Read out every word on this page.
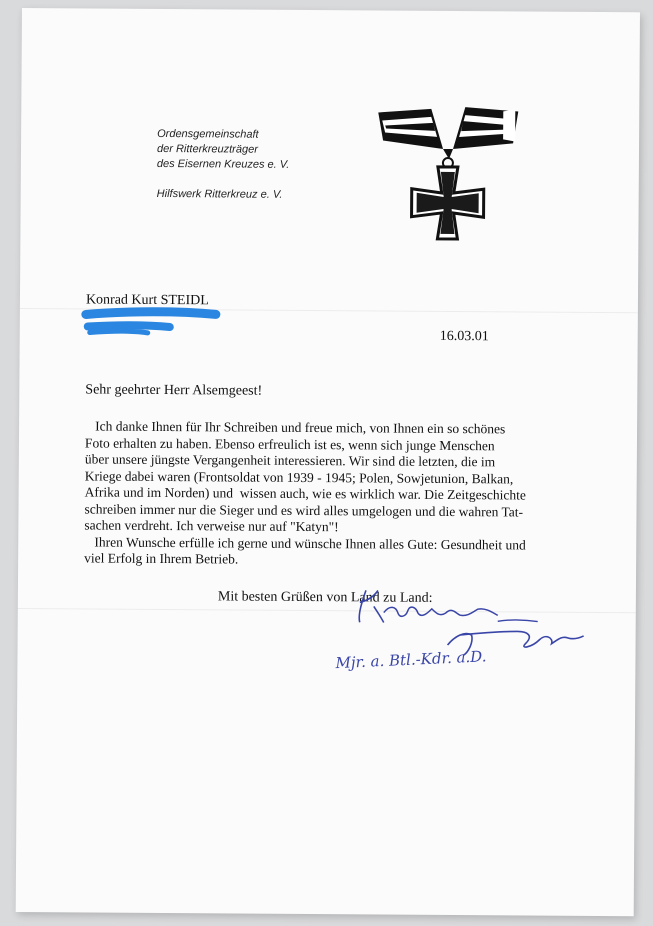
Ordensgemeinschaft
der Ritterkreuzträger
des Eisernen Kreuzes e. V.
Hilfswerk Ritterkreuz e. V.
Konrad Kurt STEIDL
16.03.01
Sehr geehrter Herr Alsemgeest!
Ich danke Ihnen für Ihr Schreiben und freue mich, von Ihnen ein so schönes
Foto erhalten zu haben. Ebenso erfreulich ist es, wenn sich junge Menschen
über unsere jüngste Vergangenheit interessieren. Wir sind die letzten, die im
Kriege dabei waren (Frontsoldat von 1939 - 1945; Polen, Sowjetunion, Balkan,
Afrika und im Norden) und  wissen auch, wie es wirklich war. Die Zeitgeschichte
schreiben immer nur die Sieger und es wird alles umgelogen und die wahren Tat-
sachen verdreht. Ich verweise nur auf "Katyn"!
Ihren Wunsche erfülle ich gerne und wünsche Ihnen alles Gute: Gesundheit und
viel Erfolg in Ihrem Betrieb.
Mit besten Grüßen von Land zu Land:
Mjr. a. Btl.-Kdr. a.D.
